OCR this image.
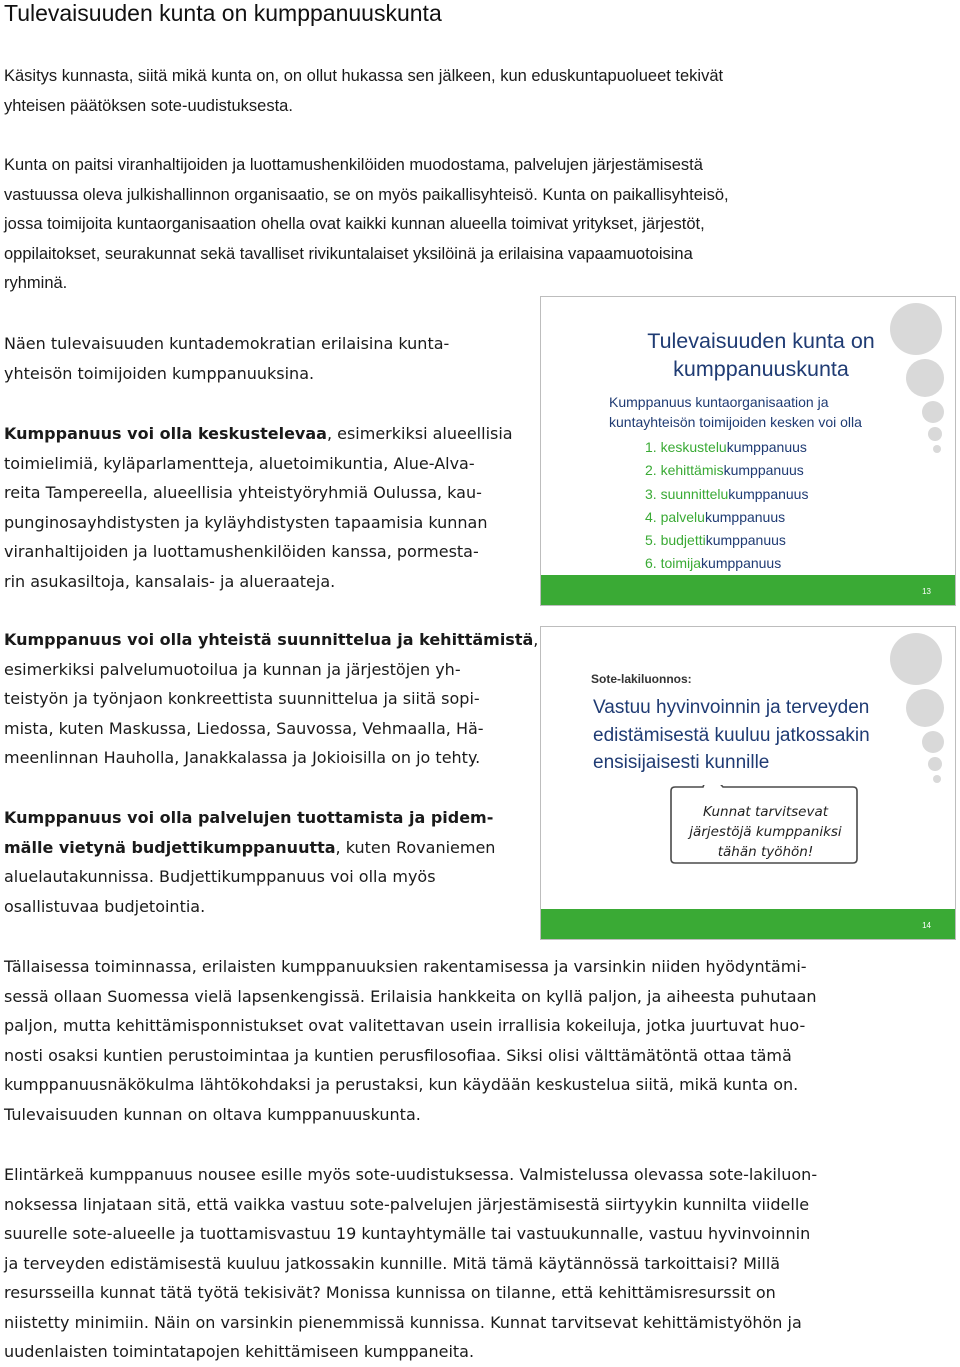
Tulevaisuuden kunta on kumppanuuskunta

Käsitys kunnasta, siitä mikä kunta on, on ollut hukassa sen jälkeen, kun eduskuntapuolueet tekivät
yhteisen päätöksen sote-uudistuksesta.

Kunta on paitsi viranhaltijoiden ja luottamushenkilöiden muodostama, palvelujen järjestämisestä
vastuussa oleva julkishallinnon organisaatio, se on myös paikallisyhteisö. Kunta on paikallisyhteisö,
jossa toimijoita kuntaorganisaation ohella ovat kaikki kunnan alueella toimivat yritykset, järjestöt,
oppilaitokset, seurakunnat sekä tavalliset rivikuntalaiset yksilöinä ja erilaisina vapaamuotoisina
ryhminä.

Näen tulevaisuuden kuntademokratian erilaisina kunta-
yhteisön toimijoiden kumppanuuksina.

Kumppanuus voi olla keskustelevaa, esimerkiksi alueellisia
toimielimiä, kyläparlamentteja, aluetoimikuntia, Alue-Alva-
reita Tampereella, alueellisia yhteistyöryhmiä Oulussa, kau-
punginosayhdistysten ja kyläyhdistysten tapaamisia kunnan
viranhaltijoiden ja luottamushenkilöiden kanssa, pormesta-
rin asukasiltoja, kansalais- ja alueraateja.

Kumppanuus voi olla yhteistä suunnittelua ja kehittämistä,
esimerkiksi palvelumuotoilua ja kunnan ja järjestöjen yh-
teistyön ja työnjaon konkreettista suunnittelua ja siitä sopi-
mista, kuten Maskussa, Liedossa, Sauvossa, Vehmaalla, Hä-
meenlinnan Hauholla, Janakkalassa ja Jokioisilla on jo tehty.

Kumppanuus voi olla palvelujen tuottamista ja pidem-
mälle vietynä budjettikumppanuutta, kuten Rovaniemen
aluelautakunnissa. Budjettikumppanuus voi olla myös
osallistuvaa budjetointia.

Tällaisessa toiminnassa, erilaisten kumppanuuksien rakentamisessa ja varsinkin niiden hyödyntämi-
sessä ollaan Suomessa vielä lapsenkengissä. Erilaisia hankkeita on kyllä paljon, ja aiheesta puhutaan
paljon, mutta kehittämisponnistukset ovat valitettavan usein irrallisia kokeiluja, jotka juurtuvat huo-
nosti osaksi kuntien perustoimintaa ja kuntien perusfilosofiaa. Siksi olisi välttämätöntä ottaa tämä
kumppanuusnäkökulma lähtökohdaksi ja perustaksi, kun käydään keskustelua siitä, mikä kunta on.
Tulevaisuuden kunnan on oltava kumppanuuskunta.

Elintärkeä kumppanuus nousee esille myös sote-uudistuksessa. Valmistelussa olevassa sote-lakiluon-
noksessa linjataan sitä, että vaikka vastuu sote-palvelujen järjestämisestä siirtyykin kunnilta viidelle
suurelle sote-alueelle ja tuottamisvastuu 19 kuntayhtymälle tai vastuukunnalle, vastuu hyvinvoinnin
ja terveyden edistämisestä kuuluu jatkossakin kunnille. Mitä tämä käytännössä tarkoittaisi? Millä
resursseilla kunnat tätä työtä tekisivät? Monissa kunnissa on tilanne, että kehittämisresurssit on
niistetty minimiin. Näin on varsinkin pienemmissä kunnissa. Kunnat tarvitsevat kehittämistyöhön ja
uudenlaisten toimintatapojen kehittämiseen kumppaneita.

Tulevaisuuden kunta on
kumppanuuskunta

Kumppanuus kuntaorganisaation ja
kuntayhteisön toimijoiden kesken voi olla

1. keskustelukumppanuus
2. kehittämiskumppanuus
3. suunnittelukumppanuus
4. palvelukumppanuus
5. budjettikumppanuus
6. toimijakumppanuus
13
Sote-lakiluonnos:
Vastuu hyvinvoinnin ja terveyden
edistämisestä kuuluu jatkossakin
ensisijaisesti kunnille

Kunnat tarvitsevat
järjestöjä kumppaniksi
tähän työhön!

14
